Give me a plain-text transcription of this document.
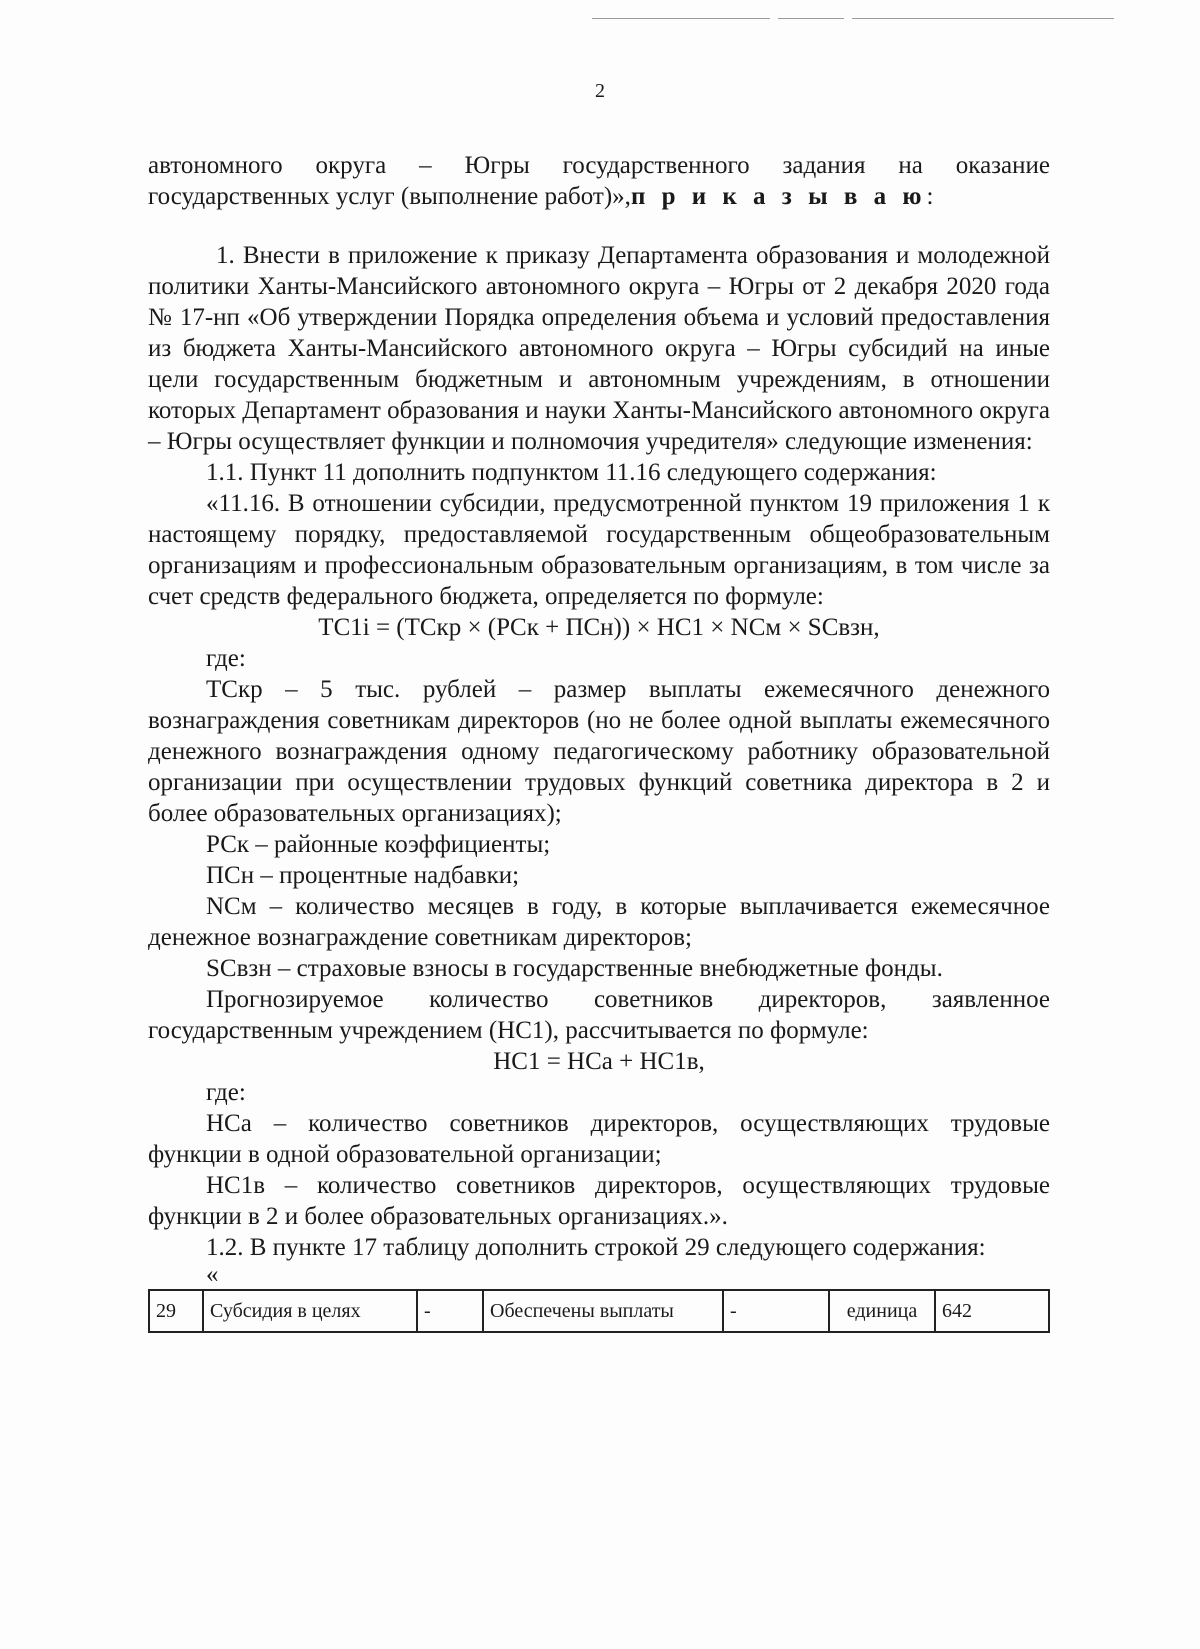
2

автономного округа – Югры государственного задания на оказание государственных услуг (выполнение работ)»,п р и к а з ы в а ю:

1. Внести в приложение к приказу Департамента образования и молодежной политики Ханты-Мансийского автономного округа – Югры от 2 декабря 2020 года № 17-нп «Об утверждении Порядка определения объема и условий предоставления из бюджета Ханты-Мансийского автономного округа – Югры субсидий на иные цели государственным бюджетным и автономным учреждениям, в отношении которых Департамент образования и науки Ханты-Мансийского автономного округа – Югры осуществляет функции и полномочия учредителя» следующие изменения:

1.1. Пункт 11 дополнить подпунктом 11.16 следующего содержания:

«11.16. В отношении субсидии, предусмотренной пунктом 19 приложения 1 к настоящему порядку, предоставляемой государственным общеобразовательным организациям и профессиональным образовательным организациям, в том числе за счет средств федерального бюджета, определяется по формуле:

TC1i = (TCкр × (PCк + ПCн)) × HC1 × NCм × SCвзн,

где:

TCкр – 5 тыс. рублей – размер выплаты ежемесячного денежного вознаграждения советникам директоров (но не более одной выплаты ежемесячного денежного вознаграждения одному педагогическому работнику образовательной организации при осуществлении трудовых функций советника директора в 2 и более образовательных организациях);

РСк – районные коэффициенты;

ПСн – процентные надбавки;

NCм – количество месяцев в году, в которые выплачивается ежемесячное денежное вознаграждение советникам директоров;

SCвзн – страховые взносы в государственные внебюджетные фонды.

Прогнозируемое количество советников директоров, заявленное государственным учреждением (НС1), рассчитывается по формуле:

НС1 = НСа + НС1в,

где:

НСа – количество советников директоров, осуществляющих трудовые функции в одной образовательной организации;

НС1в – количество советников директоров, осуществляющих трудовые функции в 2 и более образовательных организациях.».

1.2. В пункте 17 таблицу дополнить строкой 29 следующего содержания:

«

29	Субсидия в целях	-	Обеспечены выплаты	-	единица	642
